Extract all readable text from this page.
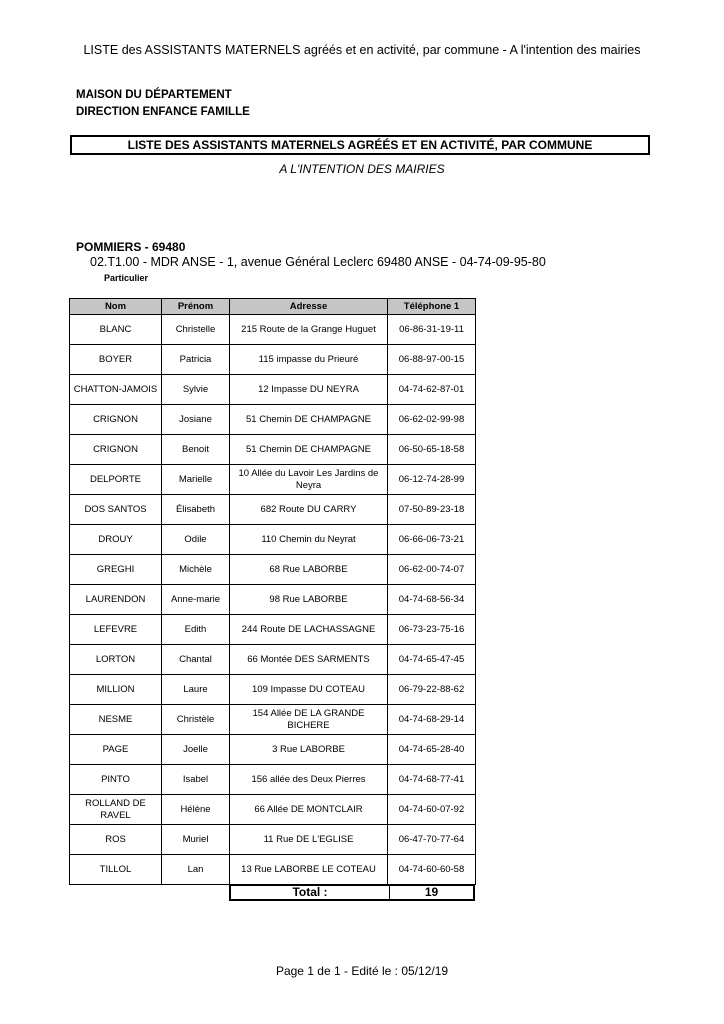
LISTE des ASSISTANTS MATERNELS agréés et en activité, par commune - A l'intention des mairies
MAISON DU DÉPARTEMENT
DIRECTION ENFANCE FAMILLE
LISTE DES ASSISTANTS MATERNELS AGRÉÉS ET EN ACTIVITÉ, PAR COMMUNE
A L'INTENTION DES MAIRIES
POMMIERS - 69480
02.T1.00 - MDR ANSE - 1, avenue Général Leclerc 69480 ANSE - 04-74-09-95-80
Particulier
Nom	Prénom	Adresse	Téléphone 1
BLANC	Christelle	215 Route de la Grange Huguet	06-86-31-19-11
BOYER	Patricia	115 impasse du Prieuré	06-88-97-00-15
CHATTON-JAMOIS	Sylvie	12 Impasse DU NEYRA	04-74-62-87-01
CRIGNON	Josiane	51 Chemin DE CHAMPAGNE	06-62-02-99-98
CRIGNON	Benoit	51 Chemin DE CHAMPAGNE	06-50-65-18-58
DELPORTE	Marielle	10 Allée du Lavoir Les Jardins de Neyra	06-12-74-28-99
DOS SANTOS	Élisabeth	682 Route DU CARRY	07-50-89-23-18
DROUY	Odile	110 Chemin du Neyrat	06-66-06-73-21
GREGHI	Michèle	68 Rue LABORBE	06-62-00-74-07
LAURENDON	Anne-marie	98 Rue LABORBE	04-74-68-56-34
LEFEVRE	Edith	244 Route DE LACHASSAGNE	06-73-23-75-16
LORTON	Chantal	66 Montée DES SARMENTS	04-74-65-47-45
MILLION	Laure	109 Impasse DU COTEAU	06-79-22-88-62
NESME	Christèle	154 Allée DE LA GRANDE BICHERE	04-74-68-29-14
PAGE	Joelle	3 Rue LABORBE	04-74-65-28-40
PINTO	Isabel	156 allée des Deux Pierres	04-74-68-77-41
ROLLAND DE RAVEL	Hélène	66 Allée DE MONTCLAIR	04-74-60-07-92
ROS	Muriel	11 Rue DE L'EGLISE	06-47-70-77-64
TILLOL	Lan	13 Rue LABORBE LE COTEAU	04-74-60-60-58
Total :	19
Page 1 de 1 - Edité le : 05/12/19
